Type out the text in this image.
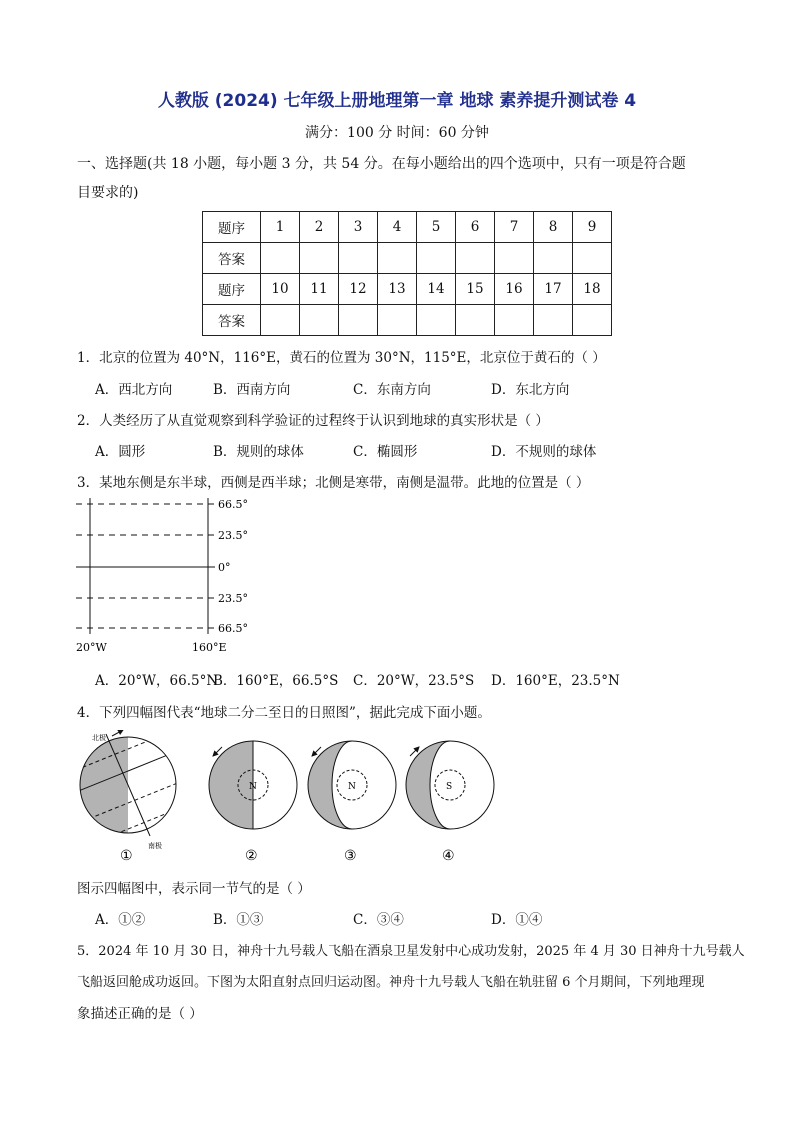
人教版 (2024) 七年级上册地理第一章 地球 素养提升测试卷 4
满分：100 分 时间：60 分钟
一、选择题(共 18 小题，每小题 3 分，共 54 分。在每小题给出的四个选项中，只有一项是符合题
目要求的)
题序	1	2	3	4	5	6	7	8	9
答案									
题序	10	11	12	13	14	15	16	17	18
答案									
1．北京的位置为 40°N，116°E，黄石的位置为 30°N，115°E，北京位于黄石的（ ）
A．西北方向	B．西南方向	C．东南方向	D．东北方向
2．人类经历了从直觉观察到科学验证的过程终于认识到地球的真实形状是（ ）
A．圆形	B．规则的球体	C．椭圆形	D．不规则的球体
3．某地东侧是东半球，西侧是西半球；北侧是寒带，南侧是温带。此地的位置是（ ）
66.5°
23.5°
0°
23.5°
66.5°
20°W	160°E
A．20°W，66.5°N
B．160°E，66.5°S C．20°W，23.5°S D．160°E，23.5°N
4．下列四幅图代表“地球二分二至日的日照图”，据此完成下面小题。
北极
南极
①
N
②
N
③
S
④
图示四幅图中，表示同一节气的是（ ）
A．①②	B．①③	C．③④	D．①④
5．2024 年 10 月 30 日，神舟十九号载人飞船在酒泉卫星发射中心成功发射，2025 年 4 月 30 日神舟十九号载人
飞船返回舱成功返回。下图为太阳直射点回归运动图。神舟十九号载人飞船在轨驻留 6 个月期间，下列地理现
象描述正确的是（ ）
